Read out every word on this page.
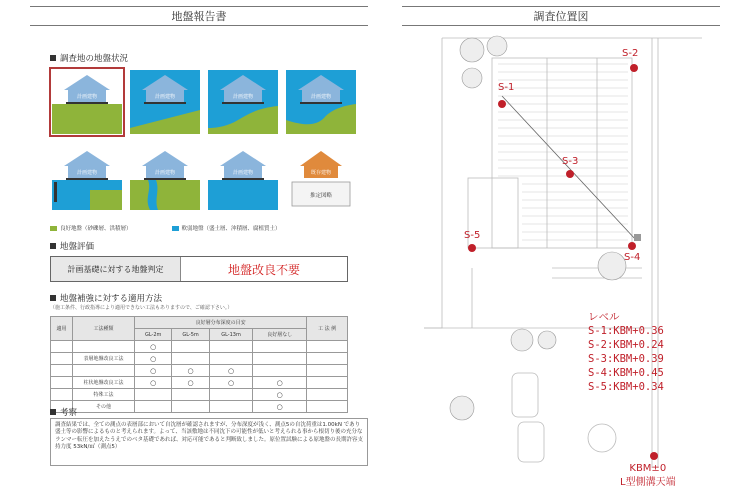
地盤報告書
調査地の地盤状況
計画建物	計画建物	計画建物	計画建物
計画建物	計画建物	計画建物	既存建物
推定図略
良好地盤（砂礫層、洪積層）	軟弱地盤（盛土層、沖積層、腐植質土）
地盤評価
計画基礎に対する地盤判定	地盤改良不要
地盤補強に対する適用方法
（施工条件、行政指導により適用できない工法もありますので、ご確認下さい。）
適用	工法種類	良好層分布深度の目安				工 法 例
		GL-2m	GL-5m	GL-13m	良好層なし	
		○				
	表層地盤改良工法	○				
		○	○	○		
	柱状地盤改良工法	○	○	○	○	
	特殊工法				○	
	その他				○	
考察
調査結果では、全ての測点の表層部において自沈層が確認されますが、分布深度が浅く、測点5の自沈荷重は1.00kN であり盛土等の影響によるものと考えられます。よって、当該敷地は不同沈下の可能性が低いと考えられる事から根切り後の充分なランマー転圧を加えたうえでのベタ基礎であれば、対応可能であると判断致しました。原位置試験による原地盤の長期許容支持力度 53kN/㎡（測点5）
調査位置図
S-2
S-1
S-3
S-5
S-4
レベル
S-1:KBM+0.36
S-2:KBM+0.24
S-3:KBM+0.39
S-4:KBM+0.45
S-5:KBM+0.34
KBM±0
L型側溝天端
